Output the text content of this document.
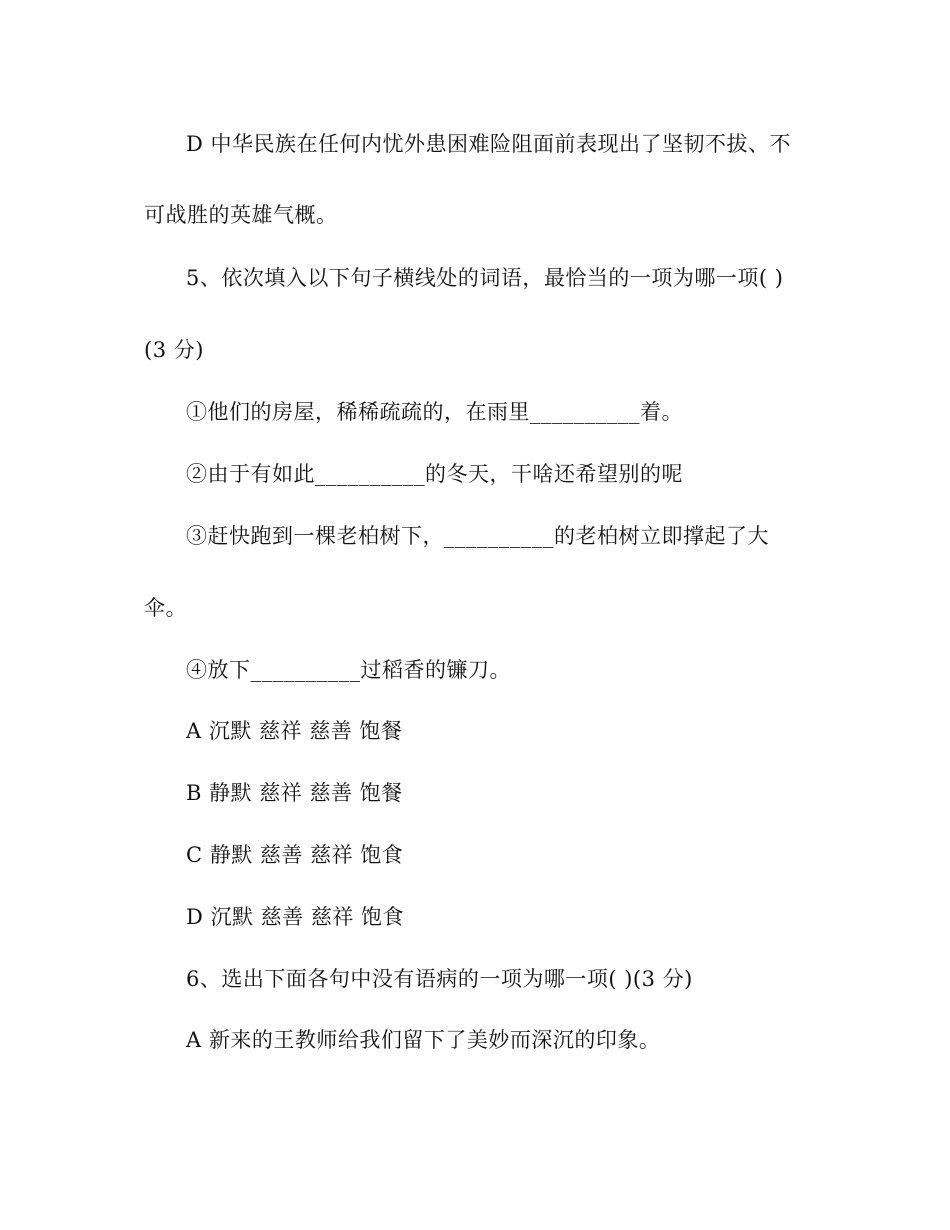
D 中华民族在任何内忧外患困难险阻面前表现出了坚韧不拔、不
可战胜的英雄气概。
5、依次填入以下句子横线处的词语，最恰当的一项为哪一项( )
(3 分)
①他们的房屋，稀稀疏疏的，在雨里__________着。
②由于有如此__________的冬天，干啥还希望别的呢
③赶快跑到一棵老柏树下，__________的老柏树立即撑起了大
伞。
④放下__________过稻香的镰刀。
A 沉默 慈祥 慈善 饱餐
B 静默 慈祥 慈善 饱餐
C 静默 慈善 慈祥 饱食
D 沉默 慈善 慈祥 饱食
6、选出下面各句中没有语病的一项为哪一项( )(3 分)
A 新来的王教师给我们留下了美妙而深沉的印象。
